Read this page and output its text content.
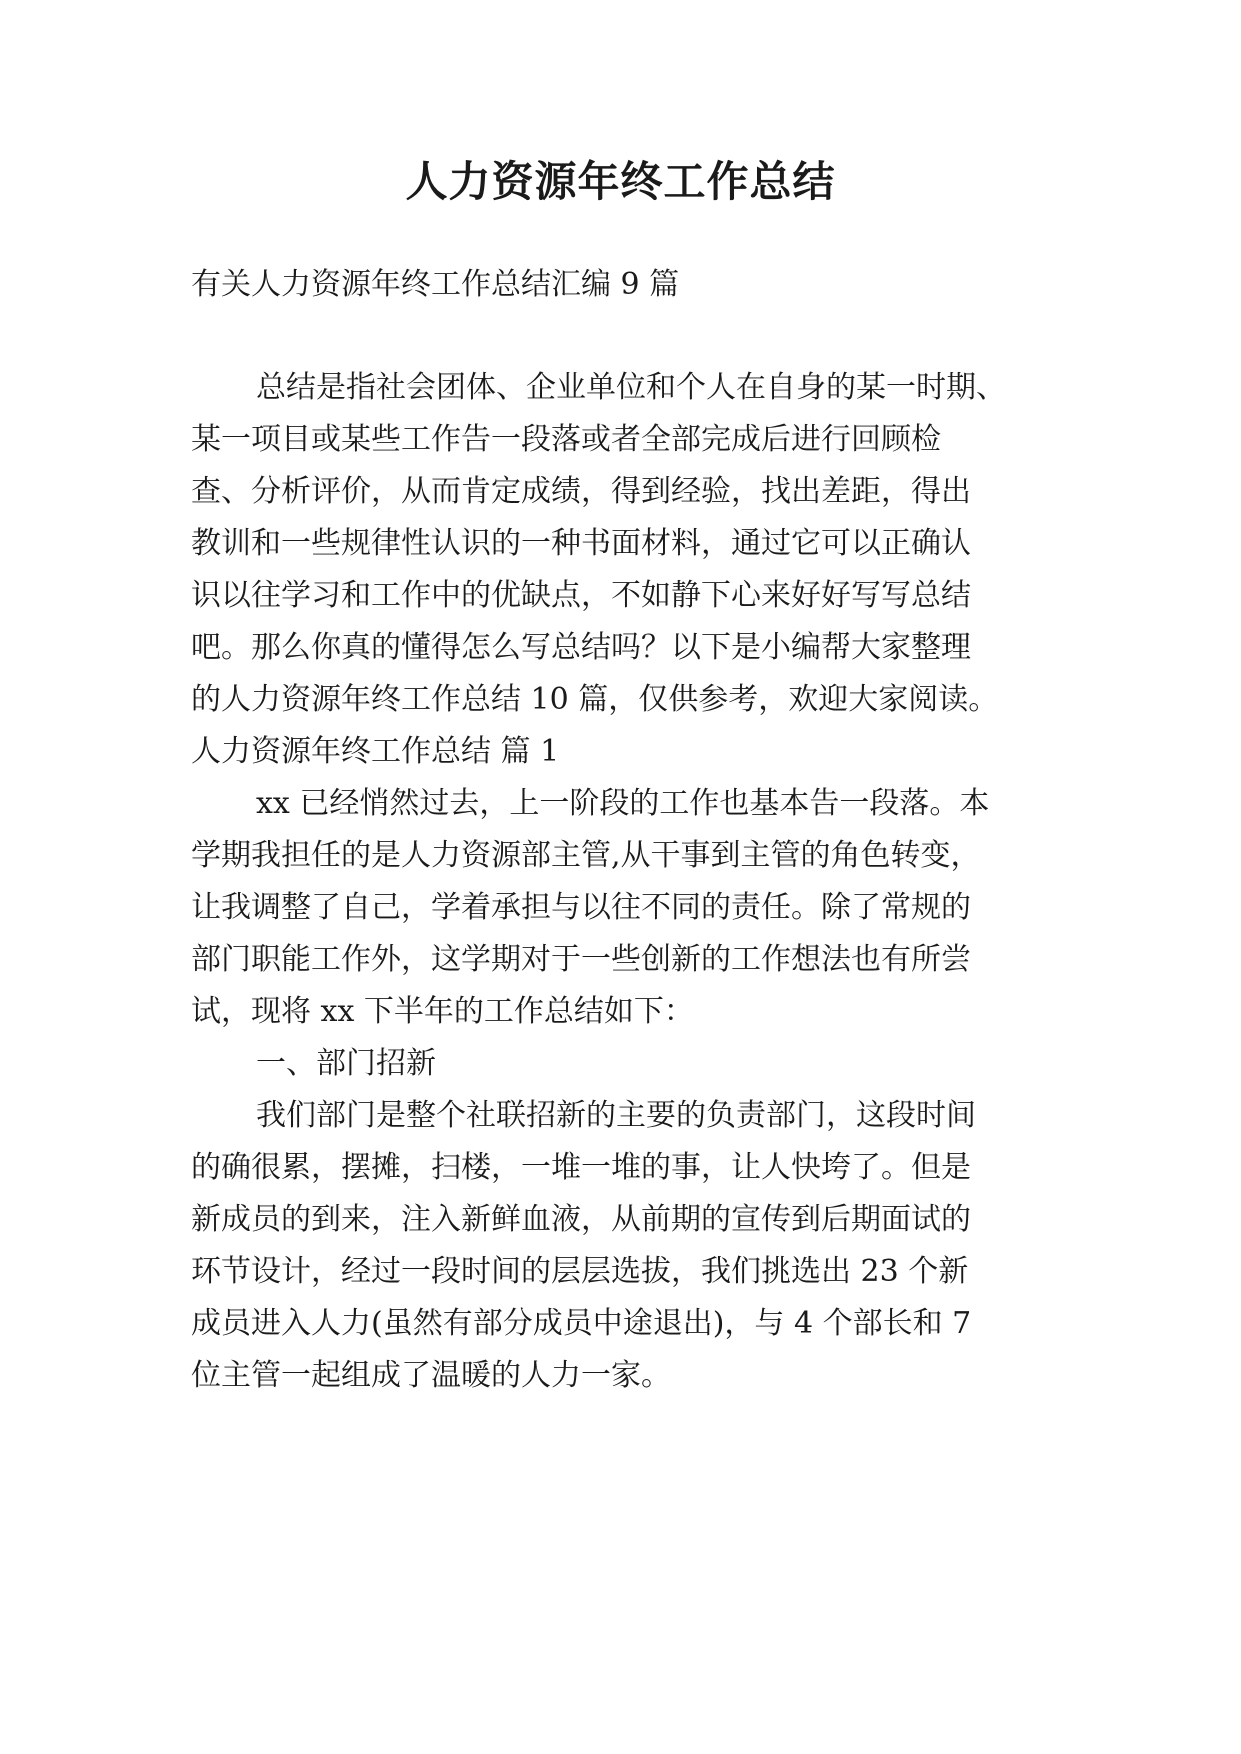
人力资源年终工作总结
有关人力资源年终工作总结汇编 9 篇
总结是指社会团体、企业单位和个人在自身的某一时期、
某一项目或某些工作告一段落或者全部完成后进行回顾检
查、分析评价，从而肯定成绩，得到经验，找出差距，得出
教训和一些规律性认识的一种书面材料，通过它可以正确认
识以往学习和工作中的优缺点，不如静下心来好好写写总结
吧。那么你真的懂得怎么写总结吗？以下是小编帮大家整理
的人力资源年终工作总结 10 篇，仅供参考，欢迎大家阅读。
人力资源年终工作总结 篇 1
xx 已经悄然过去，上一阶段的工作也基本告一段落。本
学期我担任的是人力资源部主管,从干事到主管的角色转变，
让我调整了自己，学着承担与以往不同的责任。除了常规的
部门职能工作外，这学期对于一些创新的工作想法也有所尝
试，现将 xx 下半年的工作总结如下：
一、部门招新
我们部门是整个社联招新的主要的负责部门，这段时间
的确很累，摆摊，扫楼，一堆一堆的事，让人快垮了。但是
新成员的到来，注入新鲜血液，从前期的宣传到后期面试的
环节设计，经过一段时间的层层选拔，我们挑选出 23 个新
成员进入人力(虽然有部分成员中途退出)，与 4 个部长和 7
位主管一起组成了温暖的人力一家。
